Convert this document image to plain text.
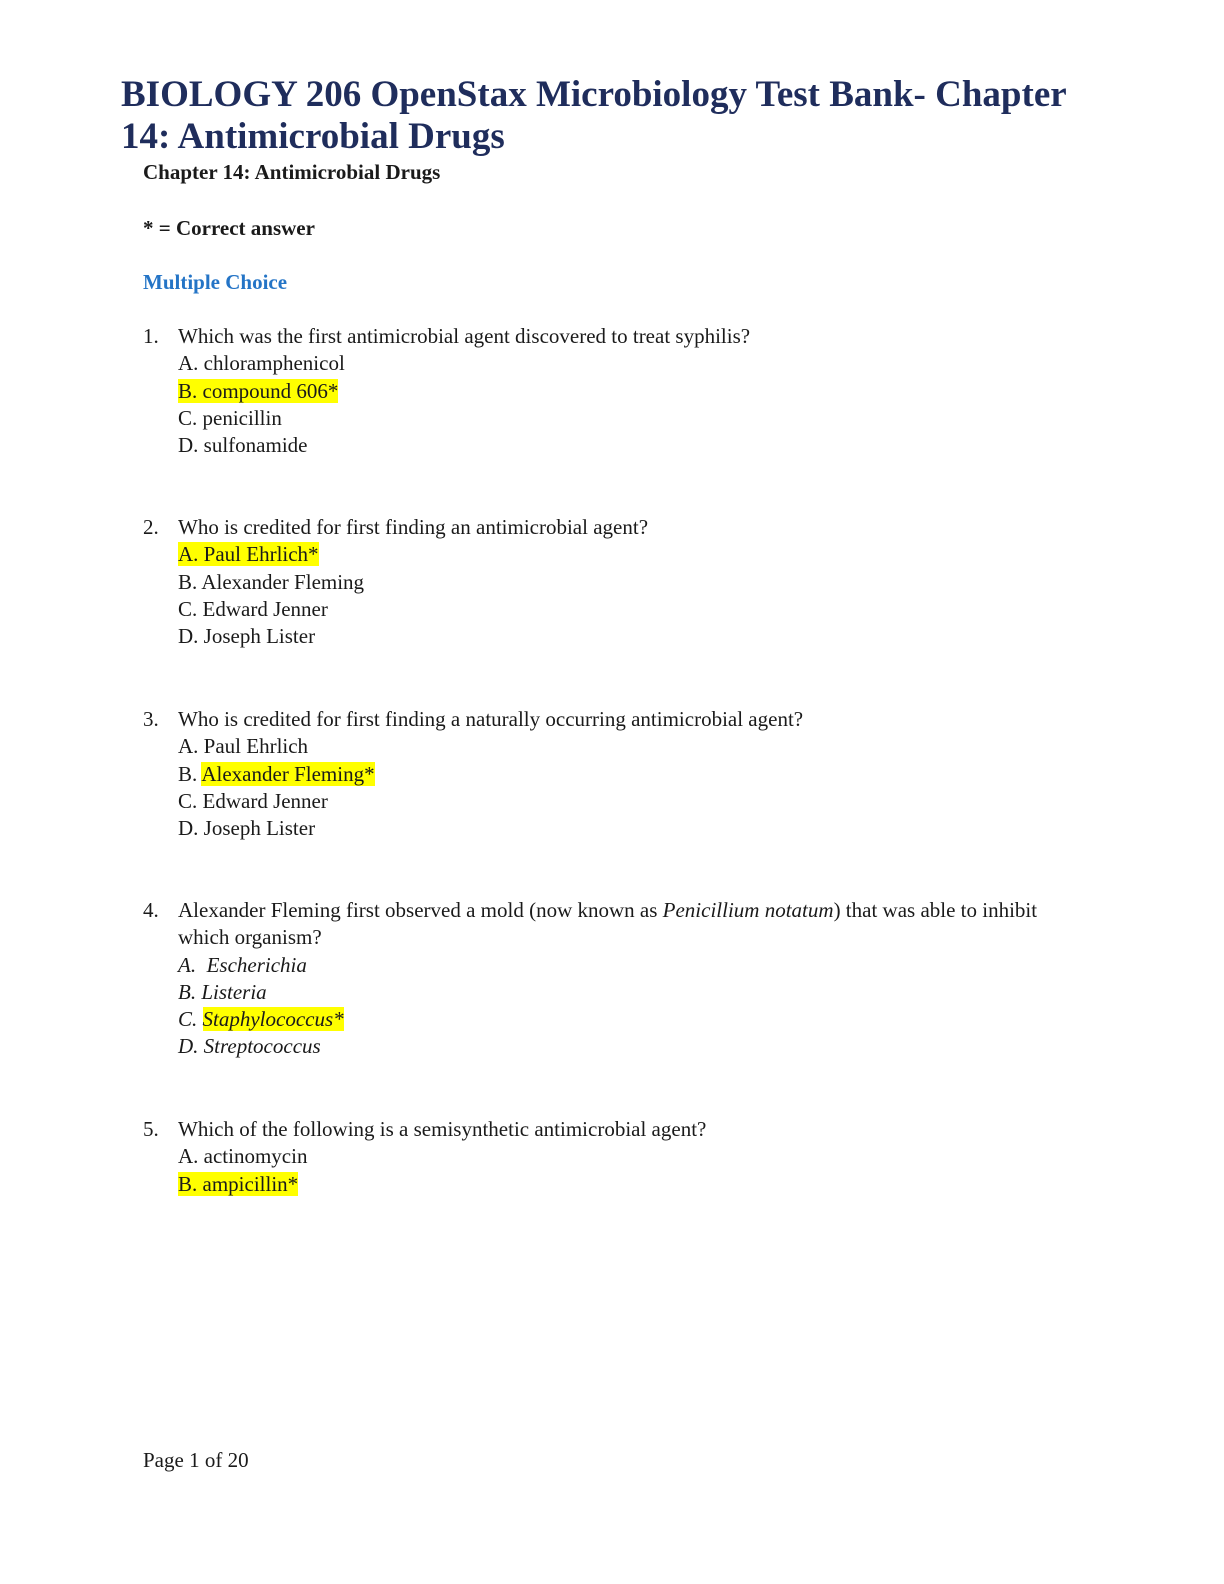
BIOLOGY 206 OpenStax Microbiology Test Bank- Chapter 14: Antimicrobial Drugs

Chapter 14: Antimicrobial Drugs

* = Correct answer

Multiple Choice

1. Which was the first antimicrobial agent discovered to treat syphilis?
A. chloramphenicol
B. compound 606*
C. penicillin
D. sulfonamide
2. Who is credited for first finding an antimicrobial agent?
A. Paul Ehrlich*
B. Alexander Fleming
C. Edward Jenner
D. Joseph Lister
3. Who is credited for first finding a naturally occurring antimicrobial agent?
A. Paul Ehrlich
B. Alexander Fleming*
C. Edward Jenner
D. Joseph Lister
4. Alexander Fleming first observed a mold (now known as Penicillium notatum) that was able to inhibit which organism?
A.  Escherichia
B. Listeria
C. Staphylococcus*
D. Streptococcus
5. Which of the following is a semisynthetic antimicrobial agent?
A. actinomycin
B. ampicillin*
Page 1 of 20
